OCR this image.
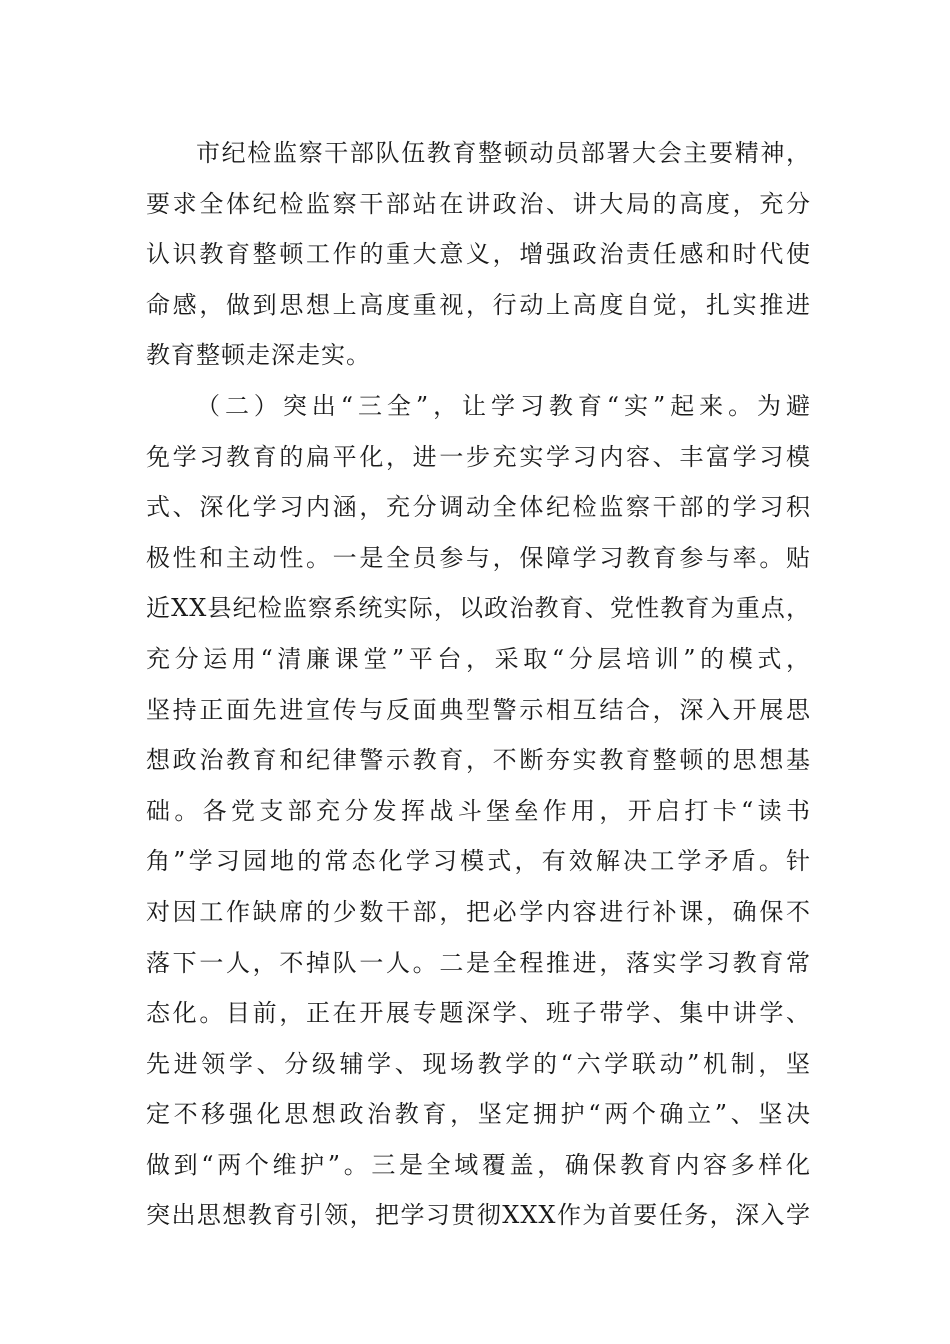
市纪检监察干部队伍教育整顿动员部署大会主要精神，
要求全体纪检监察干部站在讲政治、讲大局的高度，充分
认识教育整顿工作的重大意义，增强政治责任感和时代使
命感，做到思想上高度重视，行动上高度自觉，扎实推进
教育整顿走深走实。
（二）突出“三全”，让学习教育“实”起来。为避
免学习教育的扁平化，进一步充实学习内容、丰富学习模
式、深化学习内涵，充分调动全体纪检监察干部的学习积
极性和主动性。一是全员参与，保障学习教育参与率。贴
近XX县纪检监察系统实际，以政治教育、党性教育为重点，
充分运用“清廉课堂”平台，采取“分层培训”的模式，
坚持正面先进宣传与反面典型警示相互结合，深入开展思
想政治教育和纪律警示教育，不断夯实教育整顿的思想基
础。各党支部充分发挥战斗堡垒作用，开启打卡“读书
角”学习园地的常态化学习模式，有效解决工学矛盾。针
对因工作缺席的少数干部，把必学内容进行补课，确保不
落下一人，不掉队一人。二是全程推进，落实学习教育常
态化。目前，正在开展专题深学、班子带学、集中讲学、
先进领学、分级辅学、现场教学的“六学联动”机制，坚
定不移强化思想政治教育，坚定拥护“两个确立”、坚决
做到“两个维护”。三是全域覆盖，确保教育内容多样化
突出思想教育引领，把学习贯彻XXX作为首要任务，深入学
